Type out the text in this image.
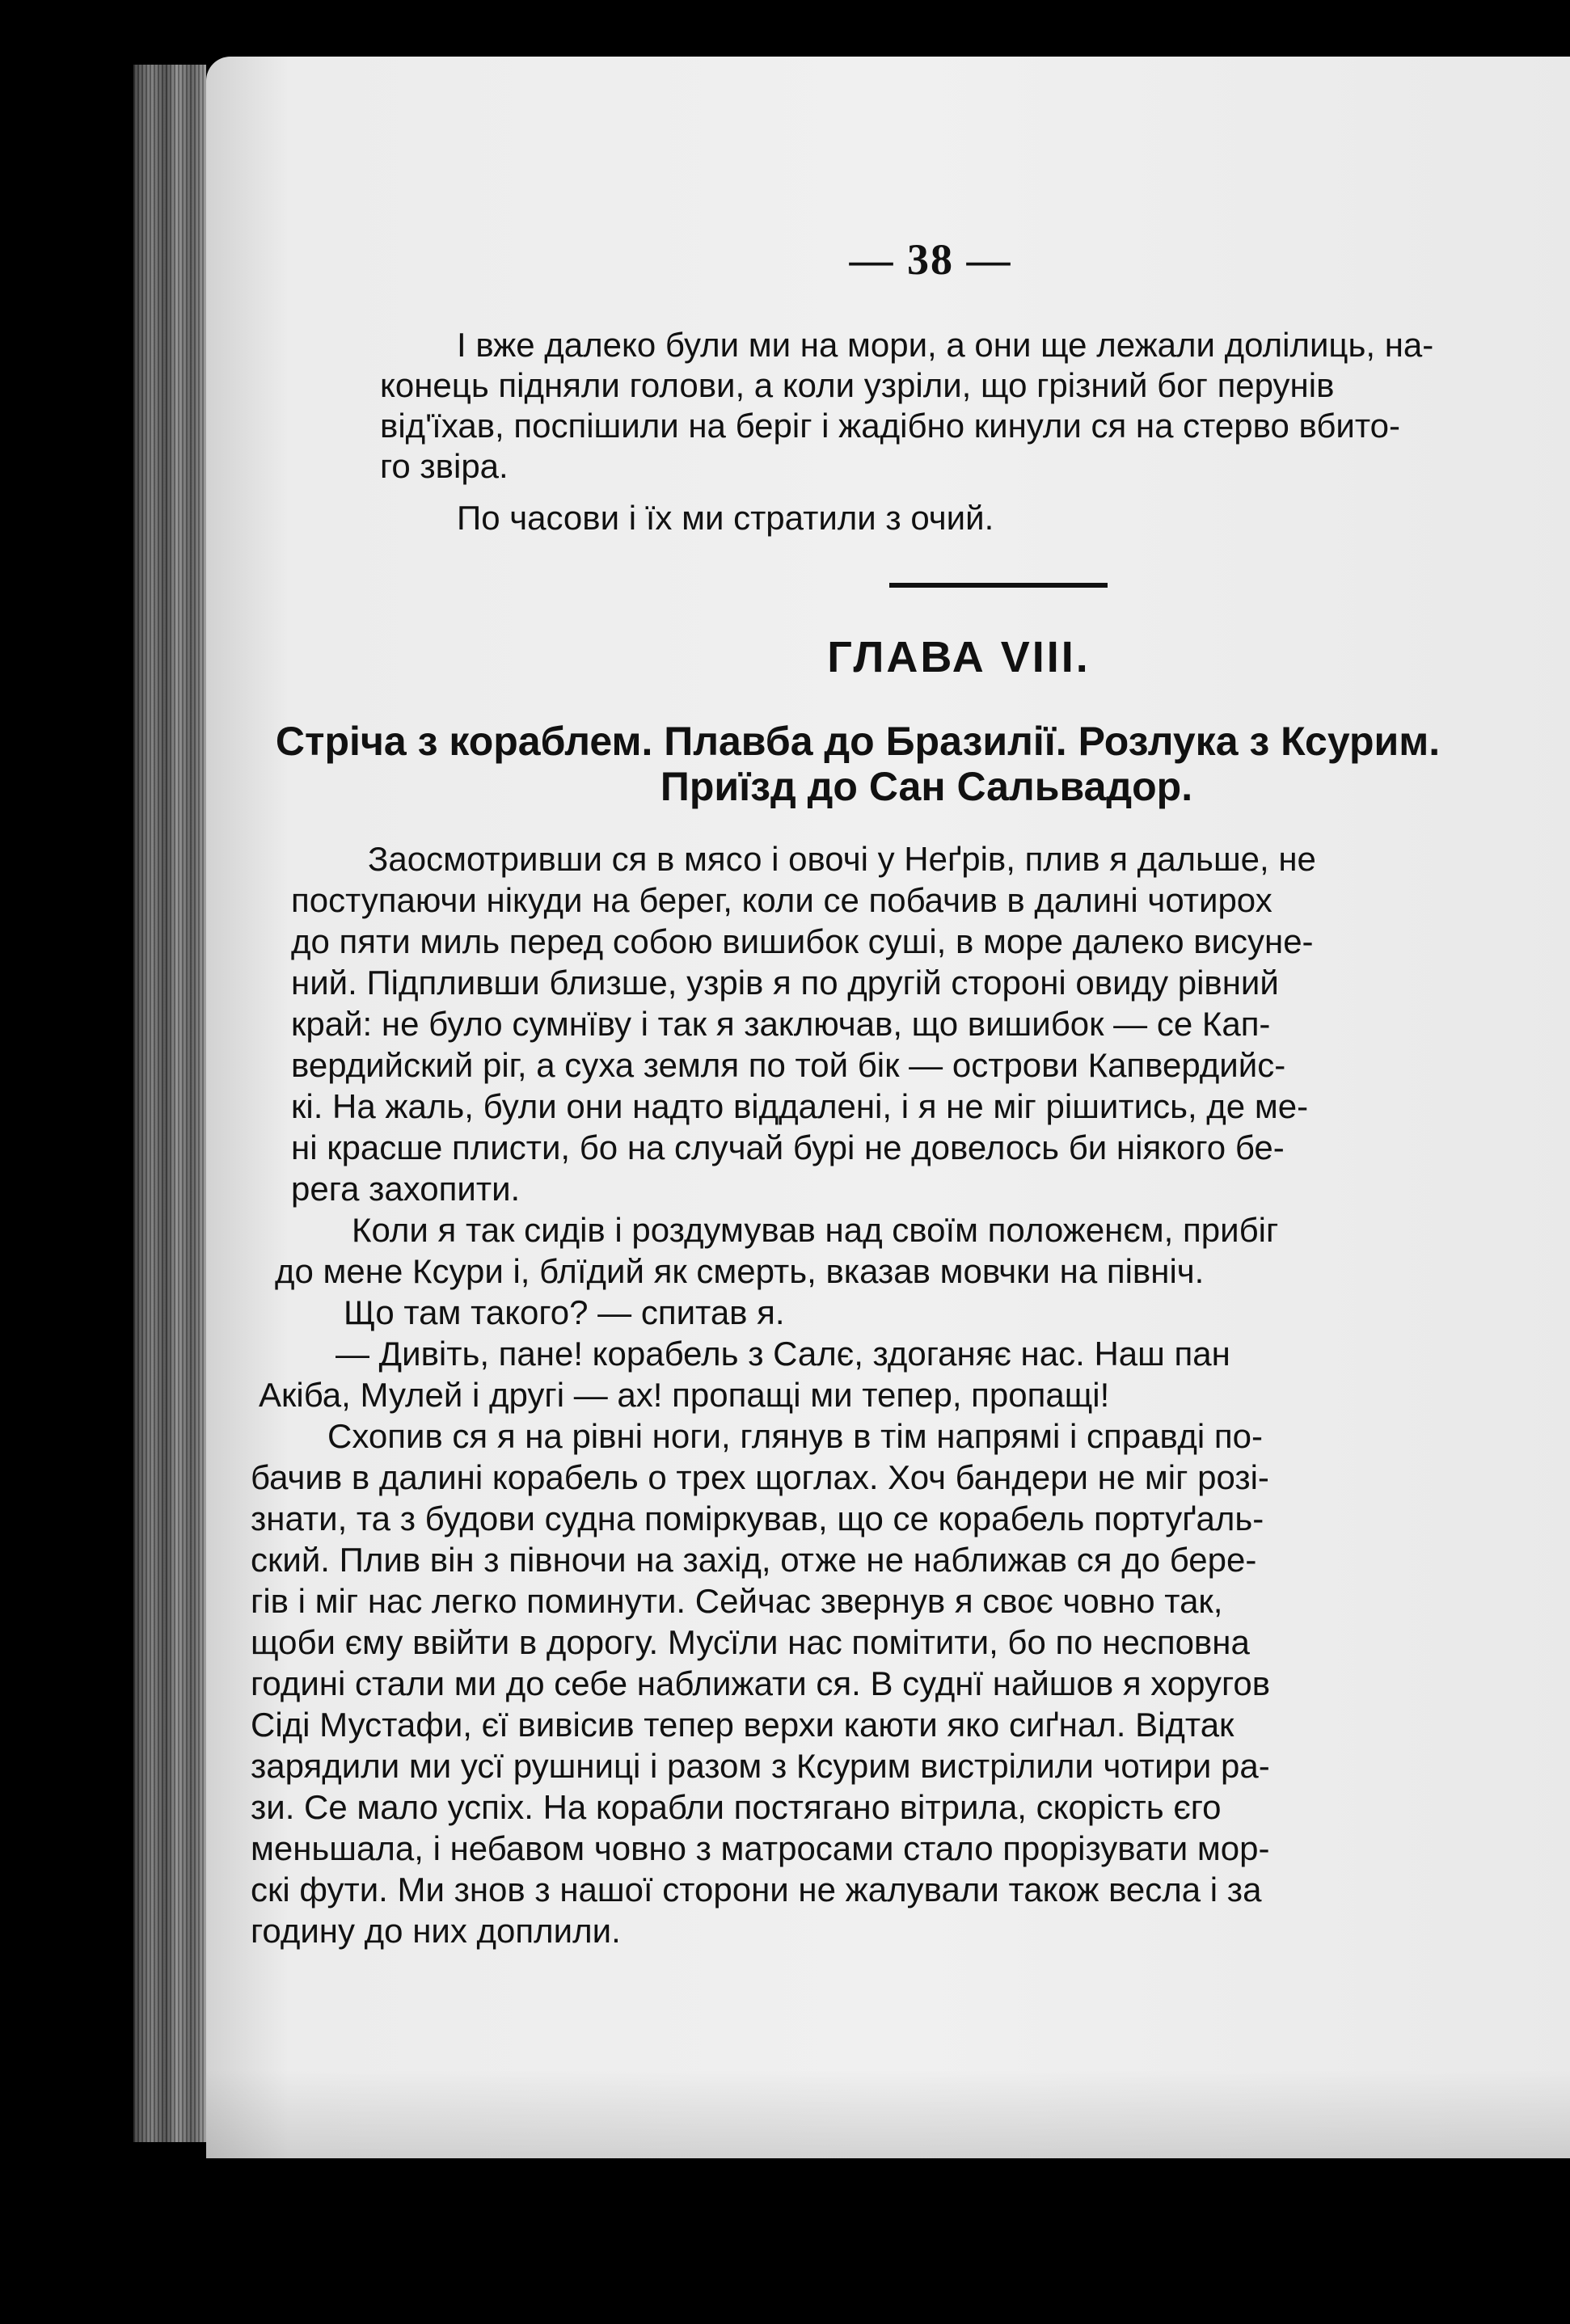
— 38 —

І вже далеко були ми на мори, а они ще лежали долілиць, на-
конець підняли голови, а коли узріли, що грізний бог перунів
від'їхав, поспішили на беріг і жадібно кинули ся на стерво вбито-
го звіра.

По часови і їх ми стратили з очий.

ГЛАВА VIII.
Стріча з кораблем. Плавба до Бразилії. Розлука з Ксурим.
Приїзд до Сан Сальвадор.

Заосмотривши ся в мясо і овочі у Неґрів, плив я дальше, не
поступаючи нікуди на берег, коли се побачив в далині чотирох
до пяти миль перед собою вишибок суші, в море далеко висуне-
ний. Підпливши близше, узрів я по другій стороні овиду рівний
край: не було сумнїву і так я заключав, що вишибок — се Кап-
вердийский ріг, а суха земля по той бік — острови Капвердийс-
кі. На жаль, були они надто віддалені, і я не міг рішитись, де ме-
ні красше плисти, бо на случай бурі не довелось би ніякого бе-
рега захопити.

Коли я так сидів і роздумував над своїм положенєм, прибіг
до мене Ксури і, блїдий як смерть, вказав мовчки на північ.

Що там такого? — спитав я.

— Дивіть, пане! корабель з Салє, здоганяє нас. Наш пан
Акіба, Мулей і другі — ах! пропащі ми тепер, пропащі!

Схопив ся я на рівні ноги, глянув в тім напрямі і справді по-
бачив в далині корабель о трех щоглах. Хоч бандери не міг розі-
знати, та з будови судна поміркував, що се корабель портуґаль-
ский. Плив він з півночи на захід, отже не наближав ся до бере-
гів і міг нас легко поминути. Сейчас звернув я своє човно так,
щоби єму ввійти в дорогу. Мусїли нас помітити, бо по несповна
годині стали ми до себе наближати ся. В суднї найшов я хоругов
Сіді Мустафи, єї вивісив тепер верхи каюти яко сиґнал. Відтак
зарядили ми усї рушниці і разом з Ксурим вистрілили чотири ра-
зи. Се мало успіх. На корабли постягано вітрила, скорість єго
меньшала, і небавом човно з матросами стало прорізувати мор-
скі фути. Ми знов з нашої сторони не жалували також весла і за
годину до них доплили.
